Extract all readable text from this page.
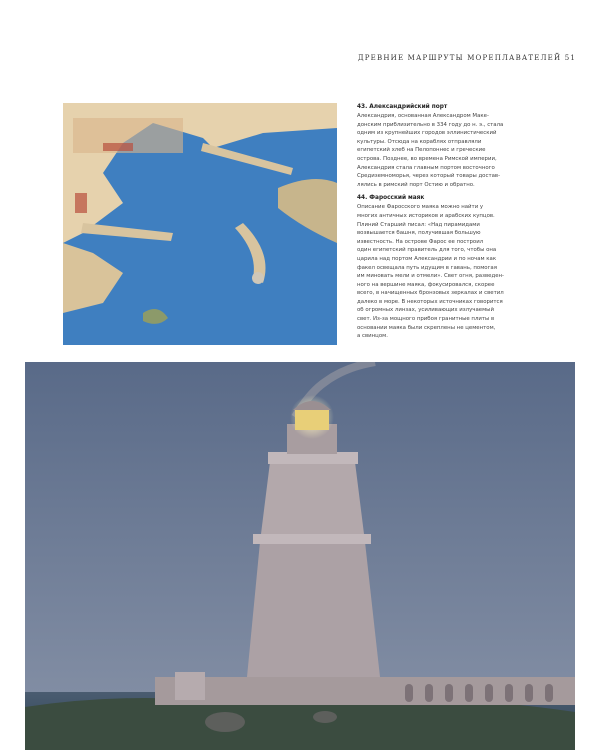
ДРЕВНИЕ МАРШРУТЫ МОРЕПЛАВАТЕЛЕЙ 51
43. Александрийский порт
Александрия, основанная Александром Маке-
донским приблизительно в 334 году до н. э., стала
одним из крупнейших городов эллинистический
культуры. Отсюда на кораблях отправляли
египетский хлеб на Пелопоннес и греческие
острова. Позднее, во времена Римской империи,
Александрия стала главным портом восточного
Средиземноморья, через который товары достав-
лялись в римский порт Остию и обратно.
44. Фаросский маяк
Описание Фаросского маяка можно найти у
многих античных историков и арабских купцов.
Плиний Старший писал: «Над пирамидами
возвышается башня, получившая большую
известность. На острове Фарос ее построил
один египетский правитель для того, чтобы она
царила над портом Александрии и по ночам как
факел освещала путь идущим в гавань, помогая
им миновать мели и отмели». Свет огня, разведен-
ного на вершине маяка, фокусировался, скорее
всего, в начищенных бронзовых зеркалах и светил
далеко в море. В некоторых источниках говорится
об огромных линзах, усиливающих излучаемый
свет. Из-за мощного прибоя гранитные плиты в
основании маяка были скреплены не цементом,
а свинцом.
